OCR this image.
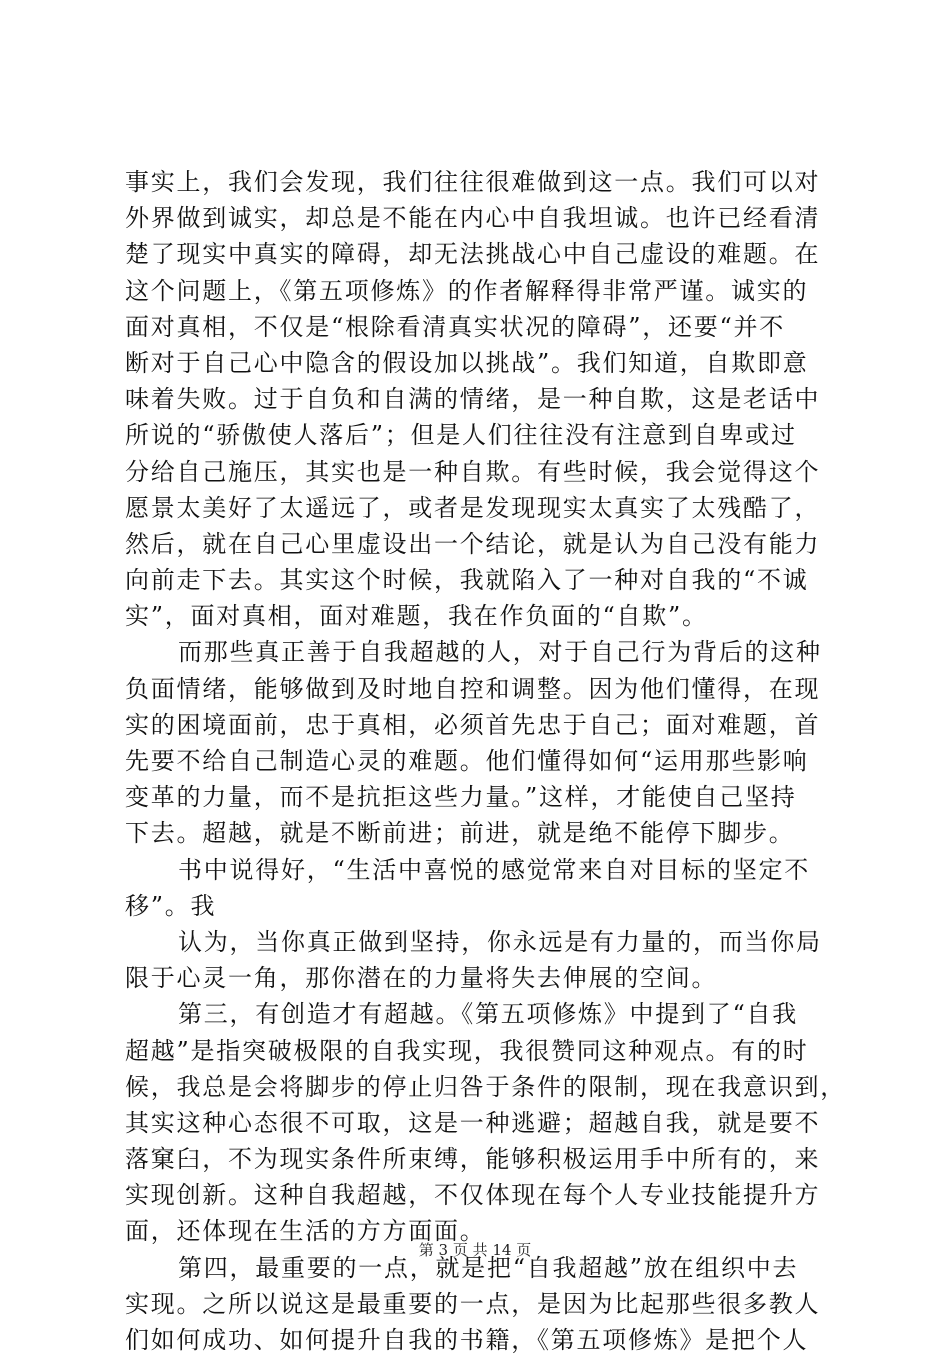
事实上，我们会发现，我们往往很难做到这一点。我们可以对
外界做到诚实，却总是不能在内心中自我坦诚。也许已经看清
楚了现实中真实的障碍，却无法挑战心中自己虚设的难题。在
这个问题上，《第五项修炼》的作者解释得非常严谨。诚实的
面对真相，不仅是“根除看清真实状况的障碍”，还要“并不
断对于自己心中隐含的假设加以挑战”。我们知道，自欺即意
味着失败。过于自负和自满的情绪，是一种自欺，这是老话中
所说的“骄傲使人落后”；但是人们往往没有注意到自卑或过
分给自己施压，其实也是一种自欺。有些时候，我会觉得这个
愿景太美好了太遥远了，或者是发现现实太真实了太残酷了，
然后，就在自己心里虚设出一个结论，就是认为自己没有能力
向前走下去。其实这个时候，我就陷入了一种对自我的“不诚
实”，面对真相，面对难题，我在作负面的“自欺”。
而那些真正善于自我超越的人，对于自己行为背后的这种
负面情绪，能够做到及时地自控和调整。因为他们懂得，在现
实的困境面前，忠于真相，必须首先忠于自己；面对难题，首
先要不给自己制造心灵的难题。他们懂得如何“运用那些影响
变革的力量，而不是抗拒这些力量。”这样，才能使自己坚持
下去。超越，就是不断前进；前进，就是绝不能停下脚步。
书中说得好，“生活中喜悦的感觉常来自对目标的坚定不
移”。我
认为，当你真正做到坚持，你永远是有力量的，而当你局
限于心灵一角，那你潜在的力量将失去伸展的空间。
第三，有创造才有超越。《第五项修炼》中提到了“自我
超越”是指突破极限的自我实现，我很赞同这种观点。有的时
候，我总是会将脚步的停止归咎于条件的限制，现在我意识到，
其实这种心态很不可取，这是一种逃避；超越自我，就是要不
落窠臼，不为现实条件所束缚，能够积极运用手中所有的，来
实现创新。这种自我超越，不仅体现在每个人专业技能提升方
面，还体现在生活的方方面面。
第四，最重要的一点，就是把“自我超越”放在组织中去
实现。之所以说这是最重要的一点，是因为比起那些很多教人
们如何成功、如何提升自我的书籍，《第五项修炼》是把个人
第 3 页 共 14 页
